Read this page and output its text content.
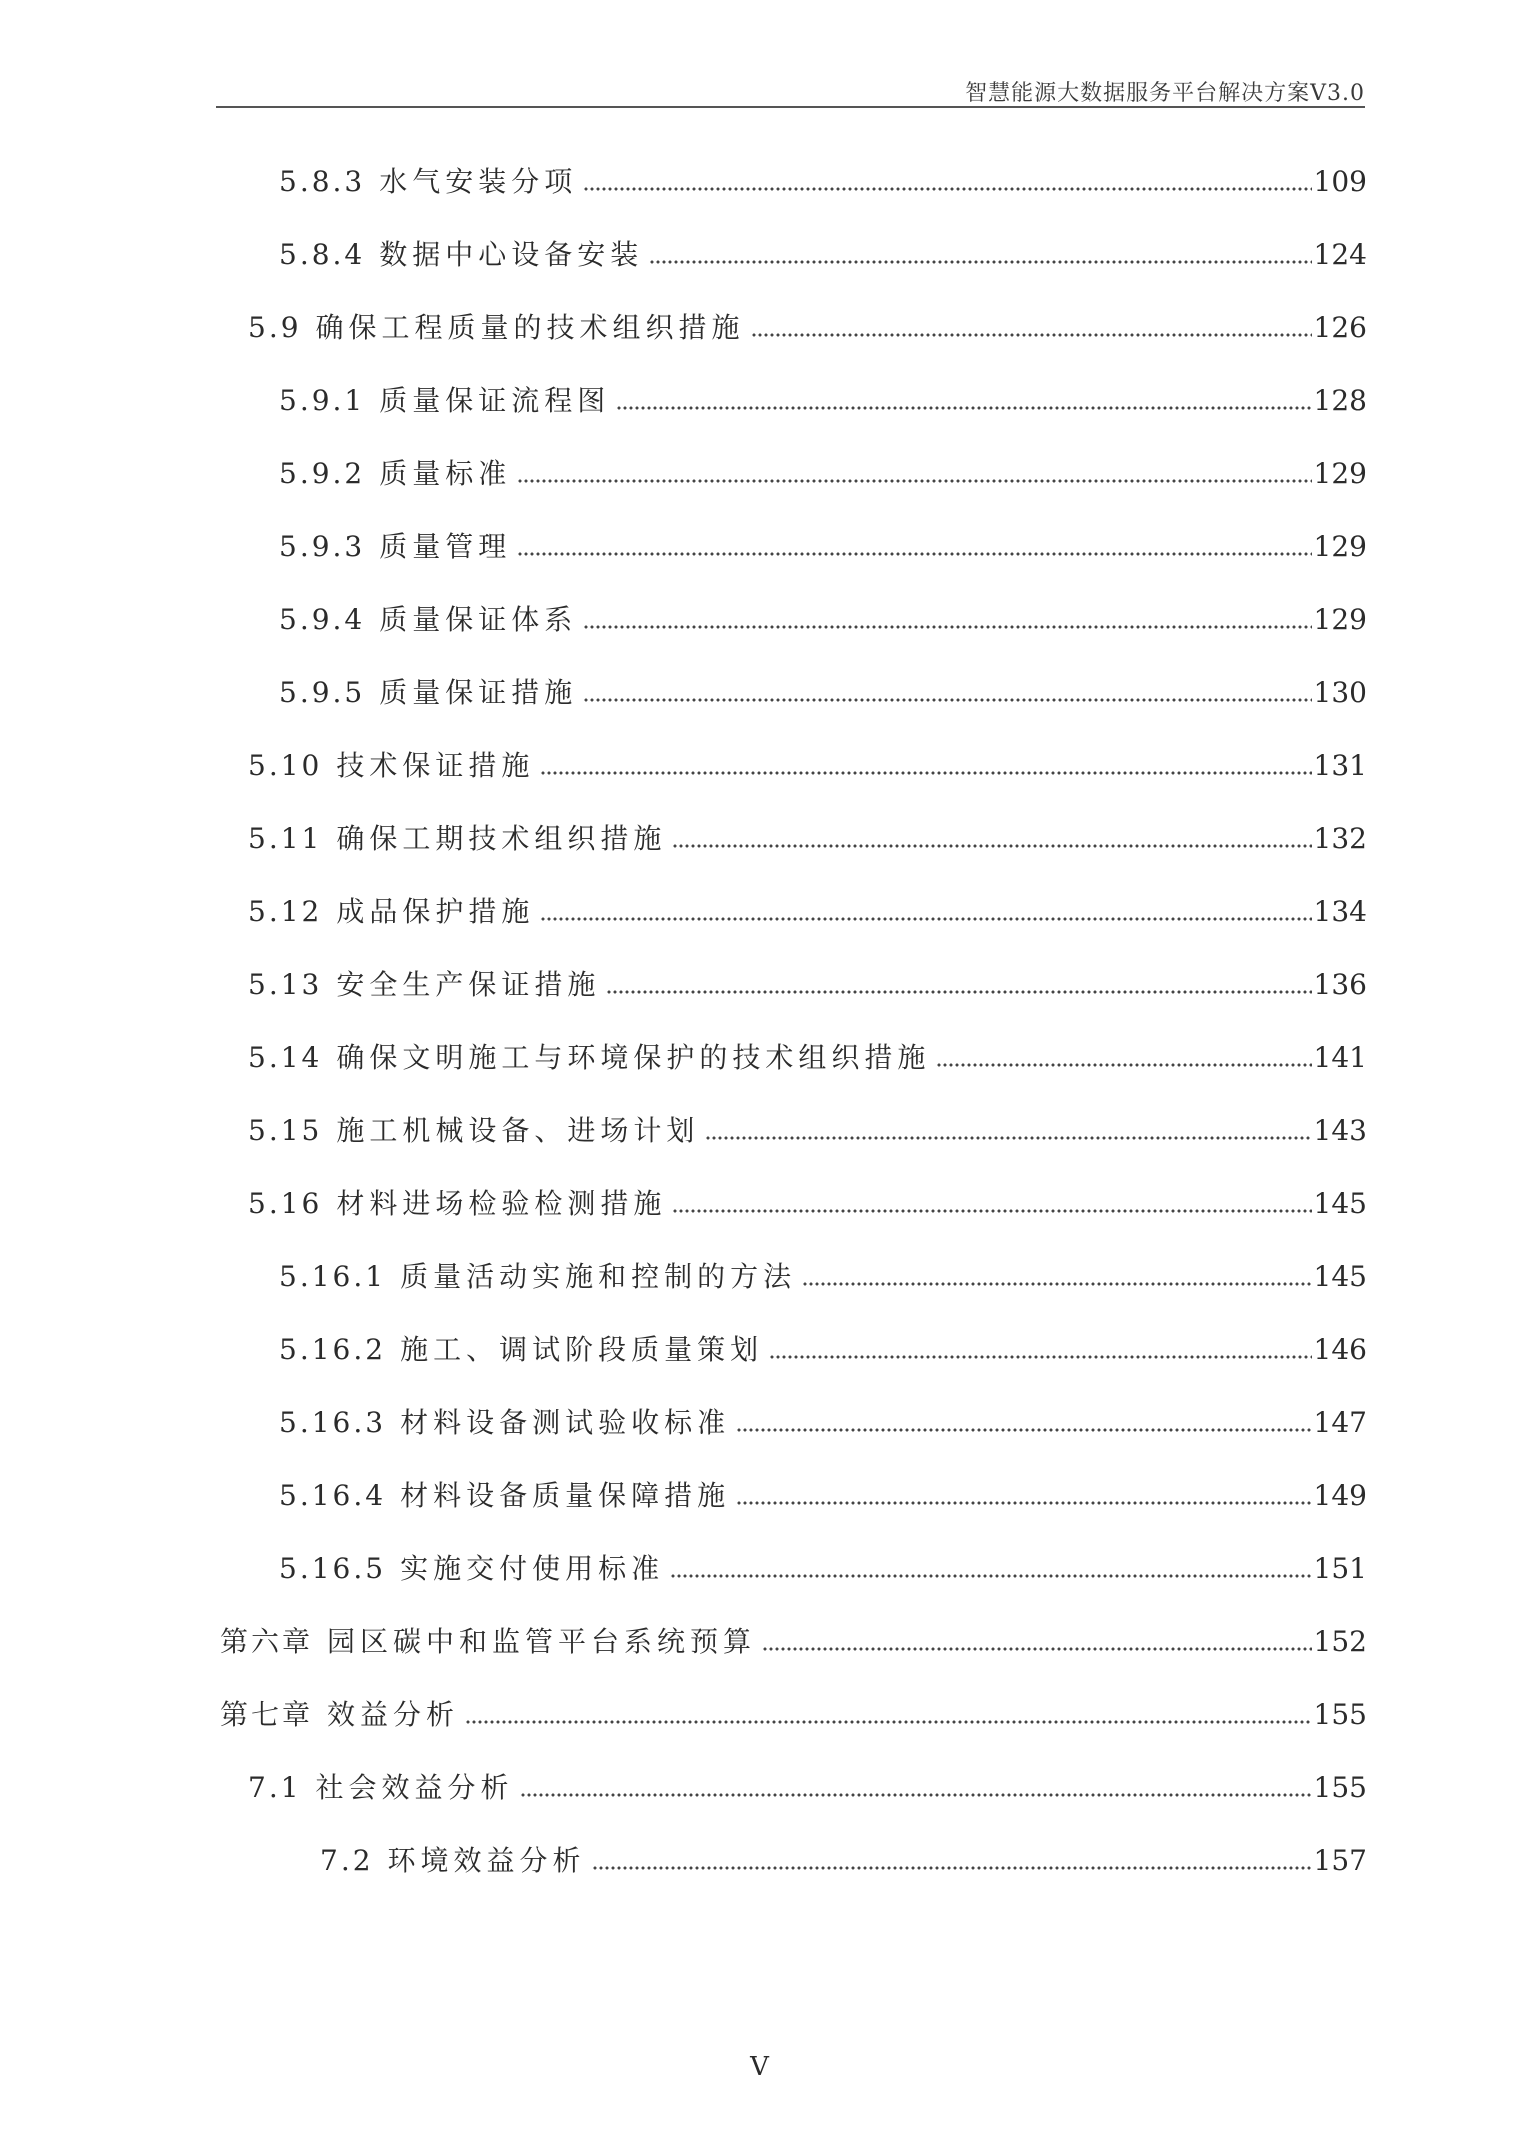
智慧能源大数据服务平台解决方案V3.0
5.8.3 水气安装分项	109
5.8.4 数据中心设备安装	124
5.9 确保工程质量的技术组织措施	126
5.9.1 质量保证流程图	128
5.9.2 质量标准	129
5.9.3 质量管理	129
5.9.4 质量保证体系	129
5.9.5 质量保证措施	130
5.10 技术保证措施	131
5.11 确保工期技术组织措施	132
5.12 成品保护措施	134
5.13 安全生产保证措施	136
5.14 确保文明施工与环境保护的技术组织措施	141
5.15 施工机械设备、进场计划	143
5.16 材料进场检验检测措施	145
5.16.1 质量活动实施和控制的方法	145
5.16.2 施工、调试阶段质量策划	146
5.16.3 材料设备测试验收标准	147
5.16.4 材料设备质量保障措施	149
5.16.5 实施交付使用标准	151
第六章 园区碳中和监管平台系统预算	152
第七章 效益分析	155
7.1 社会效益分析	155
7.2 环境效益分析	157
V
